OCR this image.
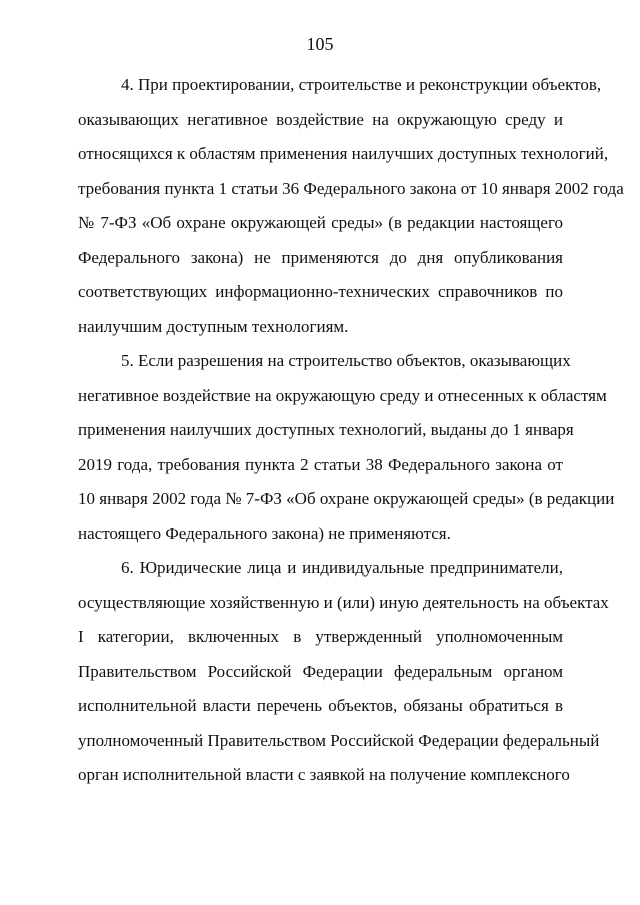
105

4. При проектировании, строительстве и реконструкции объектов,
оказывающих негативное воздействие на окружающую среду и
относящихся к областям применения наилучших доступных технологий,
требования пункта 1 статьи 36 Федерального закона от 10 января 2002 года
№ 7-ФЗ «Об охране окружающей среды» (в редакции настоящего
Федерального закона) не применяются до дня опубликования
соответствующих информационно-технических справочников по
наилучшим доступным технологиям.

5. Если разрешения на строительство объектов, оказывающих
негативное воздействие на окружающую среду и отнесенных к областям
применения наилучших доступных технологий, выданы до 1 января
2019 года, требования пункта 2 статьи 38 Федерального закона от
10 января 2002 года № 7-ФЗ «Об охране окружающей среды» (в редакции
настоящего Федерального закона) не применяются.

6. Юридические лица и индивидуальные предприниматели,
осуществляющие хозяйственную и (или) иную деятельность на объектах
I категории, включенных в утвержденный уполномоченным
Правительством Российской Федерации федеральным органом
исполнительной власти перечень объектов, обязаны обратиться в
уполномоченный Правительством Российской Федерации федеральный
орган исполнительной власти с заявкой на получение комплексного
